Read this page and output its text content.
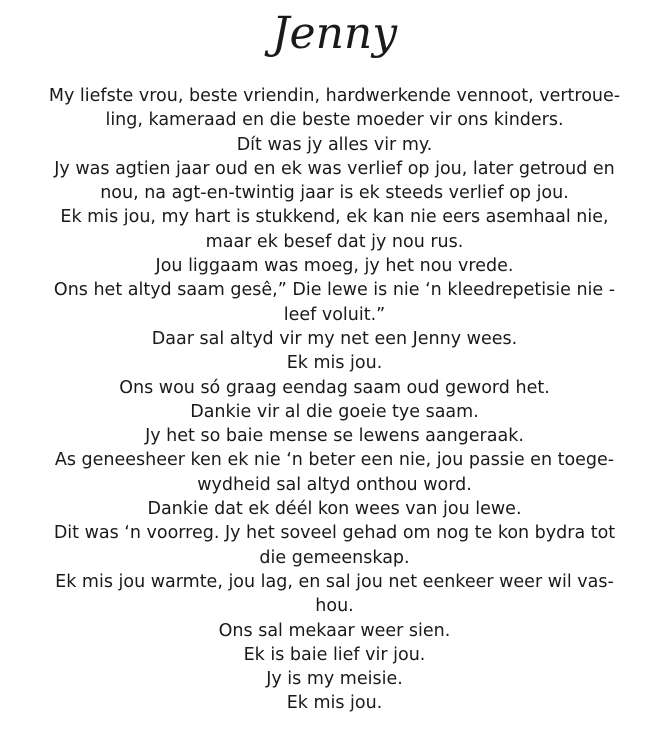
Jenny
My liefste vrou, beste vriendin, hardwerkende vennoot, vertroue-
ling, kameraad en die beste moeder vir ons kinders.
Dít was jy alles vir my.
Jy was agtien jaar oud en ek was verlief op jou, later getroud en
nou, na agt-en-twintig jaar is ek steeds verlief op jou.
Ek mis jou, my hart is stukkend, ek kan nie eers asemhaal nie,
maar ek besef dat jy nou rus.
Jou liggaam was moeg, jy het nou vrede.
Ons het altyd saam gesê,” Die lewe is nie ‘n kleedrepetisie nie -
leef voluit.”
Daar sal altyd vir my net een Jenny wees.
Ek mis jou.
Ons wou só graag eendag saam oud geword het.
Dankie vir al die goeie tye saam.
Jy het so baie mense se lewens aangeraak.
As geneesheer ken ek nie ‘n beter een nie, jou passie en toege-
wydheid sal altyd onthou word.
Dankie dat ek déél kon wees van jou lewe.
Dit was ‘n voorreg. Jy het soveel gehad om nog te kon bydra tot
die gemeenskap.
Ek mis jou warmte, jou lag, en sal jou net eenkeer weer wil vas-
hou.
Ons sal mekaar weer sien.
Ek is baie lief vir jou.
Jy is my meisie.
Ek mis jou.
